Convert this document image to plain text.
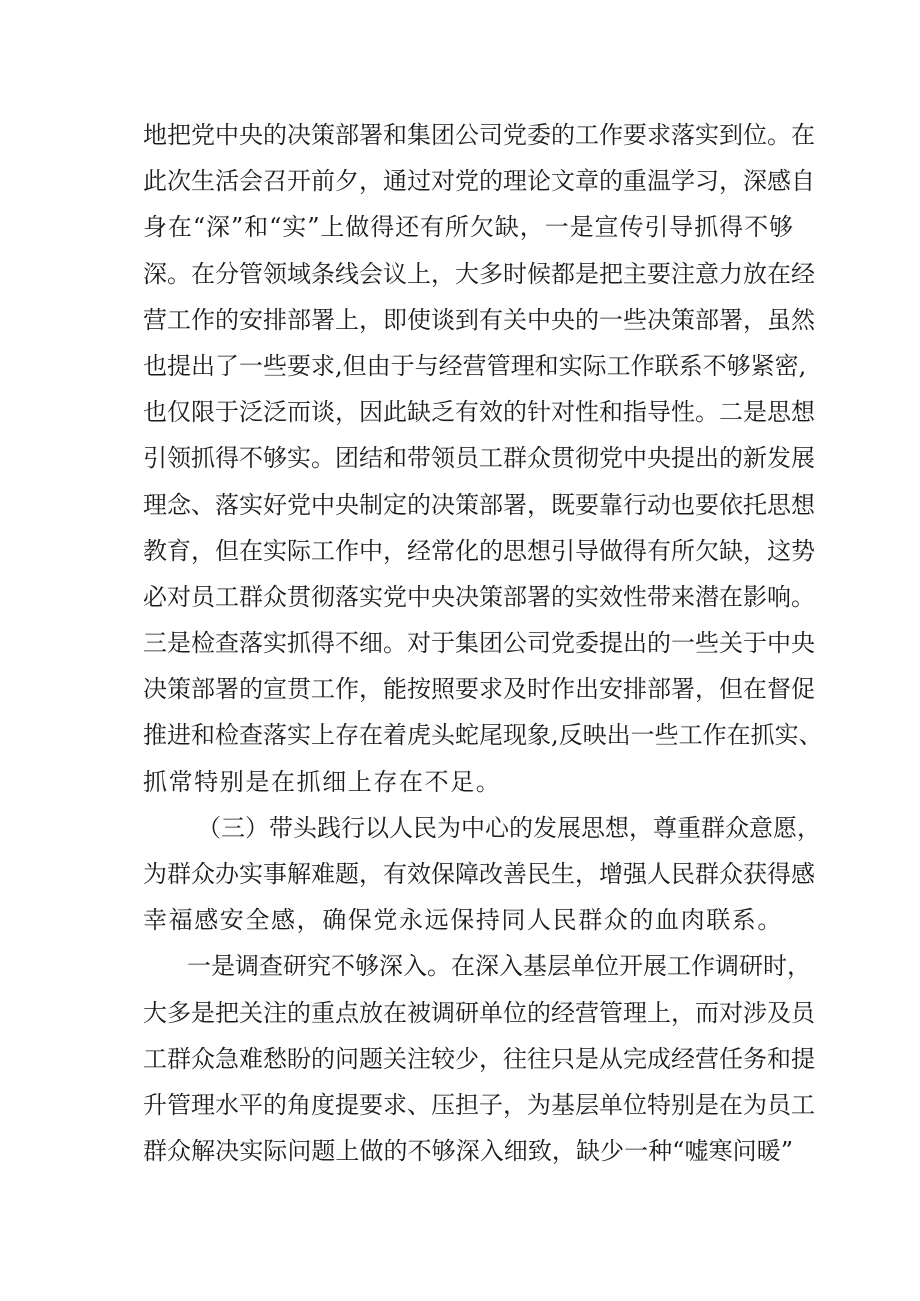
地把党中央的决策部署和集团公司党委的工作要求落实到位。在
此次生活会召开前夕，通过对党的理论文章的重温学习，深感自
身在“深”和“实”上做得还有所欠缺，一是宣传引导抓得不够
深。在分管领域条线会议上，大多时候都是把主要注意力放在经
营工作的安排部署上，即使谈到有关中央的一些决策部署，虽然
也提出了一些要求,但由于与经营管理和实际工作联系不够紧密,
也仅限于泛泛而谈，因此缺乏有效的针对性和指导性。二是思想
引领抓得不够实。团结和带领员工群众贯彻党中央提出的新发展
理念、落实好党中央制定的决策部署，既要靠行动也要依托思想
教育，但在实际工作中，经常化的思想引导做得有所欠缺，这势
必对员工群众贯彻落实党中央决策部署的实效性带来潜在影响。
三是检查落实抓得不细。对于集团公司党委提出的一些关于中央
决策部署的宣贯工作，能按照要求及时作出安排部署，但在督促
推进和检查落实上存在着虎头蛇尾现象,反映出一些工作在抓实、
抓常特别是在抓细上存在不足。
（三）带头践行以人民为中心的发展思想，尊重群众意愿，
为群众办实事解难题，有效保障改善民生，增强人民群众获得感
幸福感安全感，确保党永远保持同人民群众的血肉联系。
一是调查研究不够深入。在深入基层单位开展工作调研时，
大多是把关注的重点放在被调研单位的经营管理上，而对涉及员
工群众急难愁盼的问题关注较少，往往只是从完成经营任务和提
升管理水平的角度提要求、压担子，为基层单位特别是在为员工
群众解决实际问题上做的不够深入细致，缺少一种“嘘寒问暖”
